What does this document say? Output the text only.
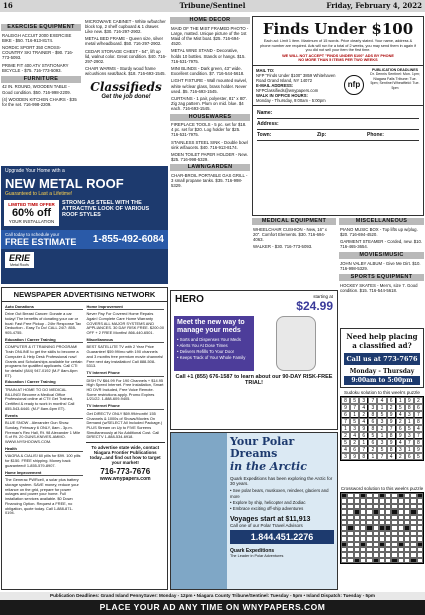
16	Tribune/Sentinel	Friday, February 4, 2022
EXERCISE EQUIPMENT
RALEIGH ACCUIT 2000 EXERCISE BIKE - $50. 716-913-8174.
NORDIC SPORT 350 CROSS-COUNTRY SKI TRAINER - $90. 716-773-5093.
PRIME FIT 400 ATV STATIONARY BICYCLE - $75. 716-773-5093.
FURNITURE
42 IN. ROUND, WOODEN TABLE - Good condition. $50. 716-998-2209.
(4) WOODEN KITCHEN CHAIRS - $35 for the set. 716-998-2209.
MICROWAVE CABINET - White w/butcher block top, 2 shelf cupboard & 1 drawer. Like new. $30. 716-297-2902.
METAL BED FRAME - Queen size, silver metal w/headboard. $50. 716-297-2902.
CEDAR STORAGE CHEST - 54", lift up lid, walnut color. Great condition. $40. 716-297-2902.
CHAIR WARMS - Sturdy wood frame w/cushions seat/back. $18. 716-693-1545.
Classifieds
Get the job done!
HOME DECOR
MAID OF THE MIST FRAMED PHOTO - Large, matted. Unique picture of the 1st Maid of the Mist boat. $25. 716-694-4520.
METAL WINE STAND - Decorative, holds 10 bottles. Stands or hangs. $15. 716-531-7975.
MINI BLINDS - Dark green, 43" wide. Excellent condition. $7. 716-544-5618.
LIGHT FIXTURE - Wall mounted swivel, white w/clear glass, brass holder. Never used. $5. 716-693-1545.
CURTAINS - 1 pair, polyester, 81" x 80". Zig zag pattern. Plum on mid. blue. $4 each. 716-693-1545.
HOUSEWARES
FIREPLACE TOOLS - 5 pc. set for $18. 4 pc. set for $20. Log holder for $25. 716-531-7975.
STAINLESS STEEL SINK - Double bowl sink w/faucets. $40. 716-913-8174.
MOEN TOILET PAPER HOLDER - New. $25. 716-998-5329.
LAWN/GARDEN
CHAR-BROIL PORTABLE GAS GRILL - 3 small propane tanks. $35. 716-998-5329.
Finds Under $100
Each ad: Limit 1 item. Maximum of 15 words. Price clearly stated. Your name, address & phone number are required. Ads will run for a total of 2 weeks, you may send them in again if you did not sell your item the first time.
WE WILL NOT ACCEPT "FINDS UNDER $100" ADS BY PHONE
NO MORE THAN 5 ITEMS PER TWO WEEKS
MAIL TO:
NFP "Finds Under $100" 3859 Whitehaven Road Grand Island, NY 14072
E-MAIL ADDRESS:
NFPClassifieds@wnypapers.com
WALK IN OFFICE HOURS:
Monday - Thursday, 9:00am - 5:00pm
nfp
PUBLICATION DEADLINES
Dr. Dennis Sentinel: Mon. 1pm; Niagara Falls Tribune: Tue. 5pm; Sentinel Wheatfield: Tue. 5pm
Name:
Address:
Town:	Zip:	Phone:
MEDICAL EQUIPMENT
WHEELCHAIR CUSHION - New, 16" x 20". Comfort Elements. $30. 716-694-4063.
WALKER - $30. 716-773-5093.
MISCELLANEOUS
PIANO MUSIC BOX - Top lifts up w/plug. $20. 716-694-4520.
GARMENT STEAMER - Corded, new. $10. 716-465-3654.
MOVIES/MUSIC
JOHN VALBY ALBUM - Give Me Dirt. $10. 716-998-5329.
SPORTS EQUIPMENT
HOCKEY SKATES - Men's, size 7. Good condition. $15. 716-544-5618.
Need help placing
a classified ad?
Call us at 773-7676
Monday - Thursday
9:00am to 5:00pm
Sudoku solution to this week's puzzle
8	5	3	7	4	6	1	9	2
9	7	4	3	1	2	5	8	6
6	1	2	8	5	9	4	3	7
7	5	4	6	3	9	2	1	8
1	3	9	8	2	7	6	5	4
2	4	6	5	1	8	9	3	7
5	2	1	6	3	9	4	7	8
4	6	7	2	5	8	3	1	9
3	9	8	1	7	4	2	6	5
Crossword solution to this week's puzzle
Upgrade Your Home with a
NEW METAL ROOF
Guaranteed to Last a Lifetime!
LIMITED TIME OFFER
60% off
YOUR INSTALLATION
STRONG AS STEEL WITH THE ATTRACTIVE LOOK OF VARIOUS ROOF STYLES
Call today to schedule your
FREE ESTIMATE 1-855-492-6084
ERIE
Metal Roofs
NEWSPAPER ADVERTISING NETWORK
Auto Donations
Drive Out Breast Cancer: Donate a car today! The benefits of donating your car or boat: Fast Free Pickup - 24hr Response Tax Deduction - Easy To Do! CALL 24/7: 855-905-4755.
Education / Career Training
COMPUTER & IT TRAINING PROGRAM! Train ONLINE to get the skills to become a Computer & Help Desk Professional now! Grants and Scholarships available for certain programs for qualified applicants. Call CTI for details! (844) 947-0192 (M-F 8am-6pm ET).
Education / Career Training
TRAIN AT HOME TO DO MEDICAL BILLING! Become a Medical Office Professional online at CTI! Get Trained, Certified & ready to work in months! Call 855-543-6440. (M-F 8am-6pm ET).
Events
BLUE SNOW - Alexander Gun Show. Sunday, February 6 ONLY, 8am - 3p.m. Fireman's Rec Hall, Rt. 98 Alexander 1 Mile S of Rt. 20 GUNS-KNIVES-AMMO. WWW.NYSHOOWS.COM.
Health
VIAGRA & CIALIS! 60 pills for $99. 100 pills for $150. FREE shipping. Money back guaranteed! 1-855-579-8907.
Home Improvement
The Generac PWRcell, a solar plus battery storage system. SAVE money, reduce your reliance on the grid, prepare for power outages and power your home. Full installation services available. $0 Down Financing Option. Request a FREE, no obligation, quote today. Call 1-888-871-0194.
Home Improvement
Never Pay For Covered Home Repairs Again! Complete Care Home Warranty COVERS ALL MAJOR SYSTEMS AND APPLIANCES. 30 DAY RISK FREE. $200.00 OFF + 2 FREE Months! 866-440-6501.
Miscellaneous
BEST SATELLITE TV with 2 Year Price Guarantee! $59.99/mo with 190 channels and 3 months free premium movie channels! Free next day installation! Call 888-508-5313.
TV Internet Phone
DISH TV $64.99 For 190 Channels + $14.95 High Speed Internet. Free Installation, Smart HD DVR Included, Free Voice Remote. Some restrictions apply. Promo Expires 1/21/22. 1-888-609-9405.
TV Internet Phone
Get DIRECTV ONLY $69.99/month! 155 Channels & 1000s of Shows/Movies On Demand (w/SELECT All Included Package.) PLUS Stream on Up to FIVE Screens Simultaneously at No Additional Cost. Call DIRECTV 1-888-534-6918.
To advertise state wide, contact Niagara Frontier Publications today...and find out how to target your market!
716-773-7676
www.wnypapers.com
HERO	starting at
$24.99
Meet the new way to manage your meds
• Sorts and Dispenses Your Meds
• Alerts You At Dose Times
• Delivers Refills To Your Door
• Keeps Track of Your Whole Family
Call +1 (855) 676-1587 to learn about our 90-DAY RISK-FREE TRIAL!
Your Polar Dreams
in the Arctic
Quark Expeditions has been exploring the Arctic for 30 years.
• See polar bears, muskoxen, reindeer, glaciers and more
• Explore by ship, helicopter and Zodiac
• Embrace exciting off-ship adventures
Voyages start at $11,913
Call one of our Polar Travel Advisors
1.844.451.2276
Quark Expeditions
The Leader in Polar Adventures
Publication Deadlines: Grand Island PennySaver: Monday - 12pm • Niagara County Tribune/Sentinel: Tuesday - 5pm • Island Dispatch: Tuesday - 5pm
PLACE YOUR AD ANY TIME ON WNYPAPERS.COM
